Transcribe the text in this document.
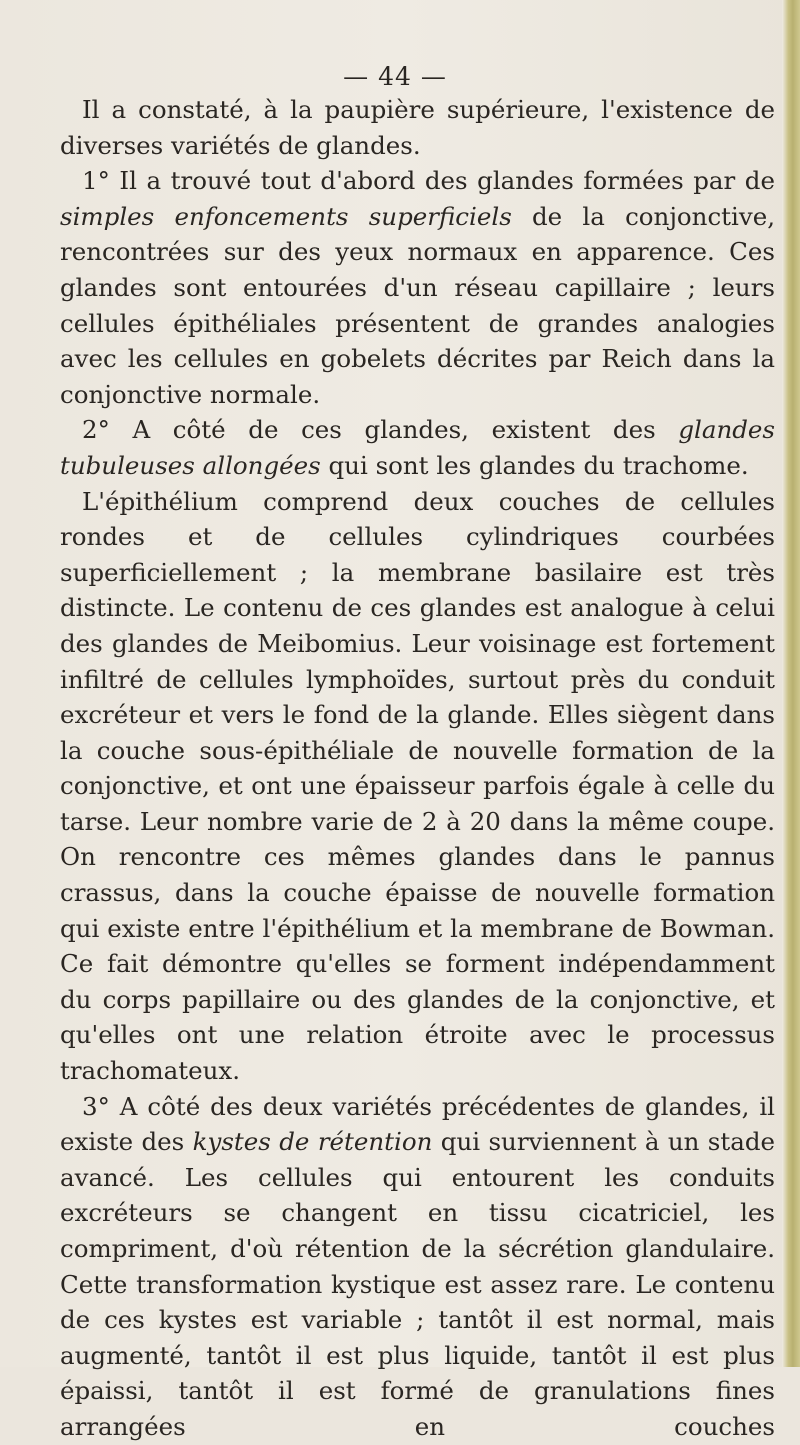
— 44 —

Il a constaté, à la paupière supérieure, l'existence de diverses variétés de glandes.

1° Il a trouvé tout d'abord des glandes formées par de simples enfoncements superficiels de la conjonctive, rencontrées sur des yeux normaux en apparence. Ces glandes sont entourées d'un réseau capillaire ; leurs cellules épithéliales présentent de grandes analogies avec les cellules en gobelets décrites par Reich dans la conjonctive normale.

2° A côté de ces glandes, existent des glandes tubuleuses allongées qui sont les glandes du trachome.

L'épithélium comprend deux couches de cellules rondes et de cellules cylindriques courbées superficiellement ; la membrane basilaire est très distincte. Le contenu de ces glandes est analogue à celui des glandes de Meibomius. Leur voisinage est fortement infiltré de cellules lymphoïdes, surtout près du conduit excréteur et vers le fond de la glande. Elles siègent dans la couche sous-épithéliale de nouvelle formation de la conjonctive, et ont une épaisseur parfois égale à celle du tarse. Leur nombre varie de 2 à 20 dans la même coupe. On rencontre ces mêmes glandes dans le pannus crassus, dans la couche épaisse de nouvelle formation qui existe entre l'épithélium et la membrane de Bowman. Ce fait démontre qu'elles se forment indépendamment du corps papillaire ou des glandes de la conjonctive, et qu'elles ont une relation étroite avec le processus trachomateux.

3° A côté des deux variétés précédentes de glandes, il existe des kystes de rétention qui surviennent à un stade avancé. Les cellules qui entourent les conduits excréteurs se changent en tissu cicatriciel, les compriment, d'où rétention de la sécrétion glandulaire. Cette transformation kystique est assez rare. Le contenu de ces kystes est variable ; tantôt il est normal, mais augmenté, tantôt il est plus liquide, tantôt il est plus épaissi, tantôt il est formé de granulations fines arrangées en couches
